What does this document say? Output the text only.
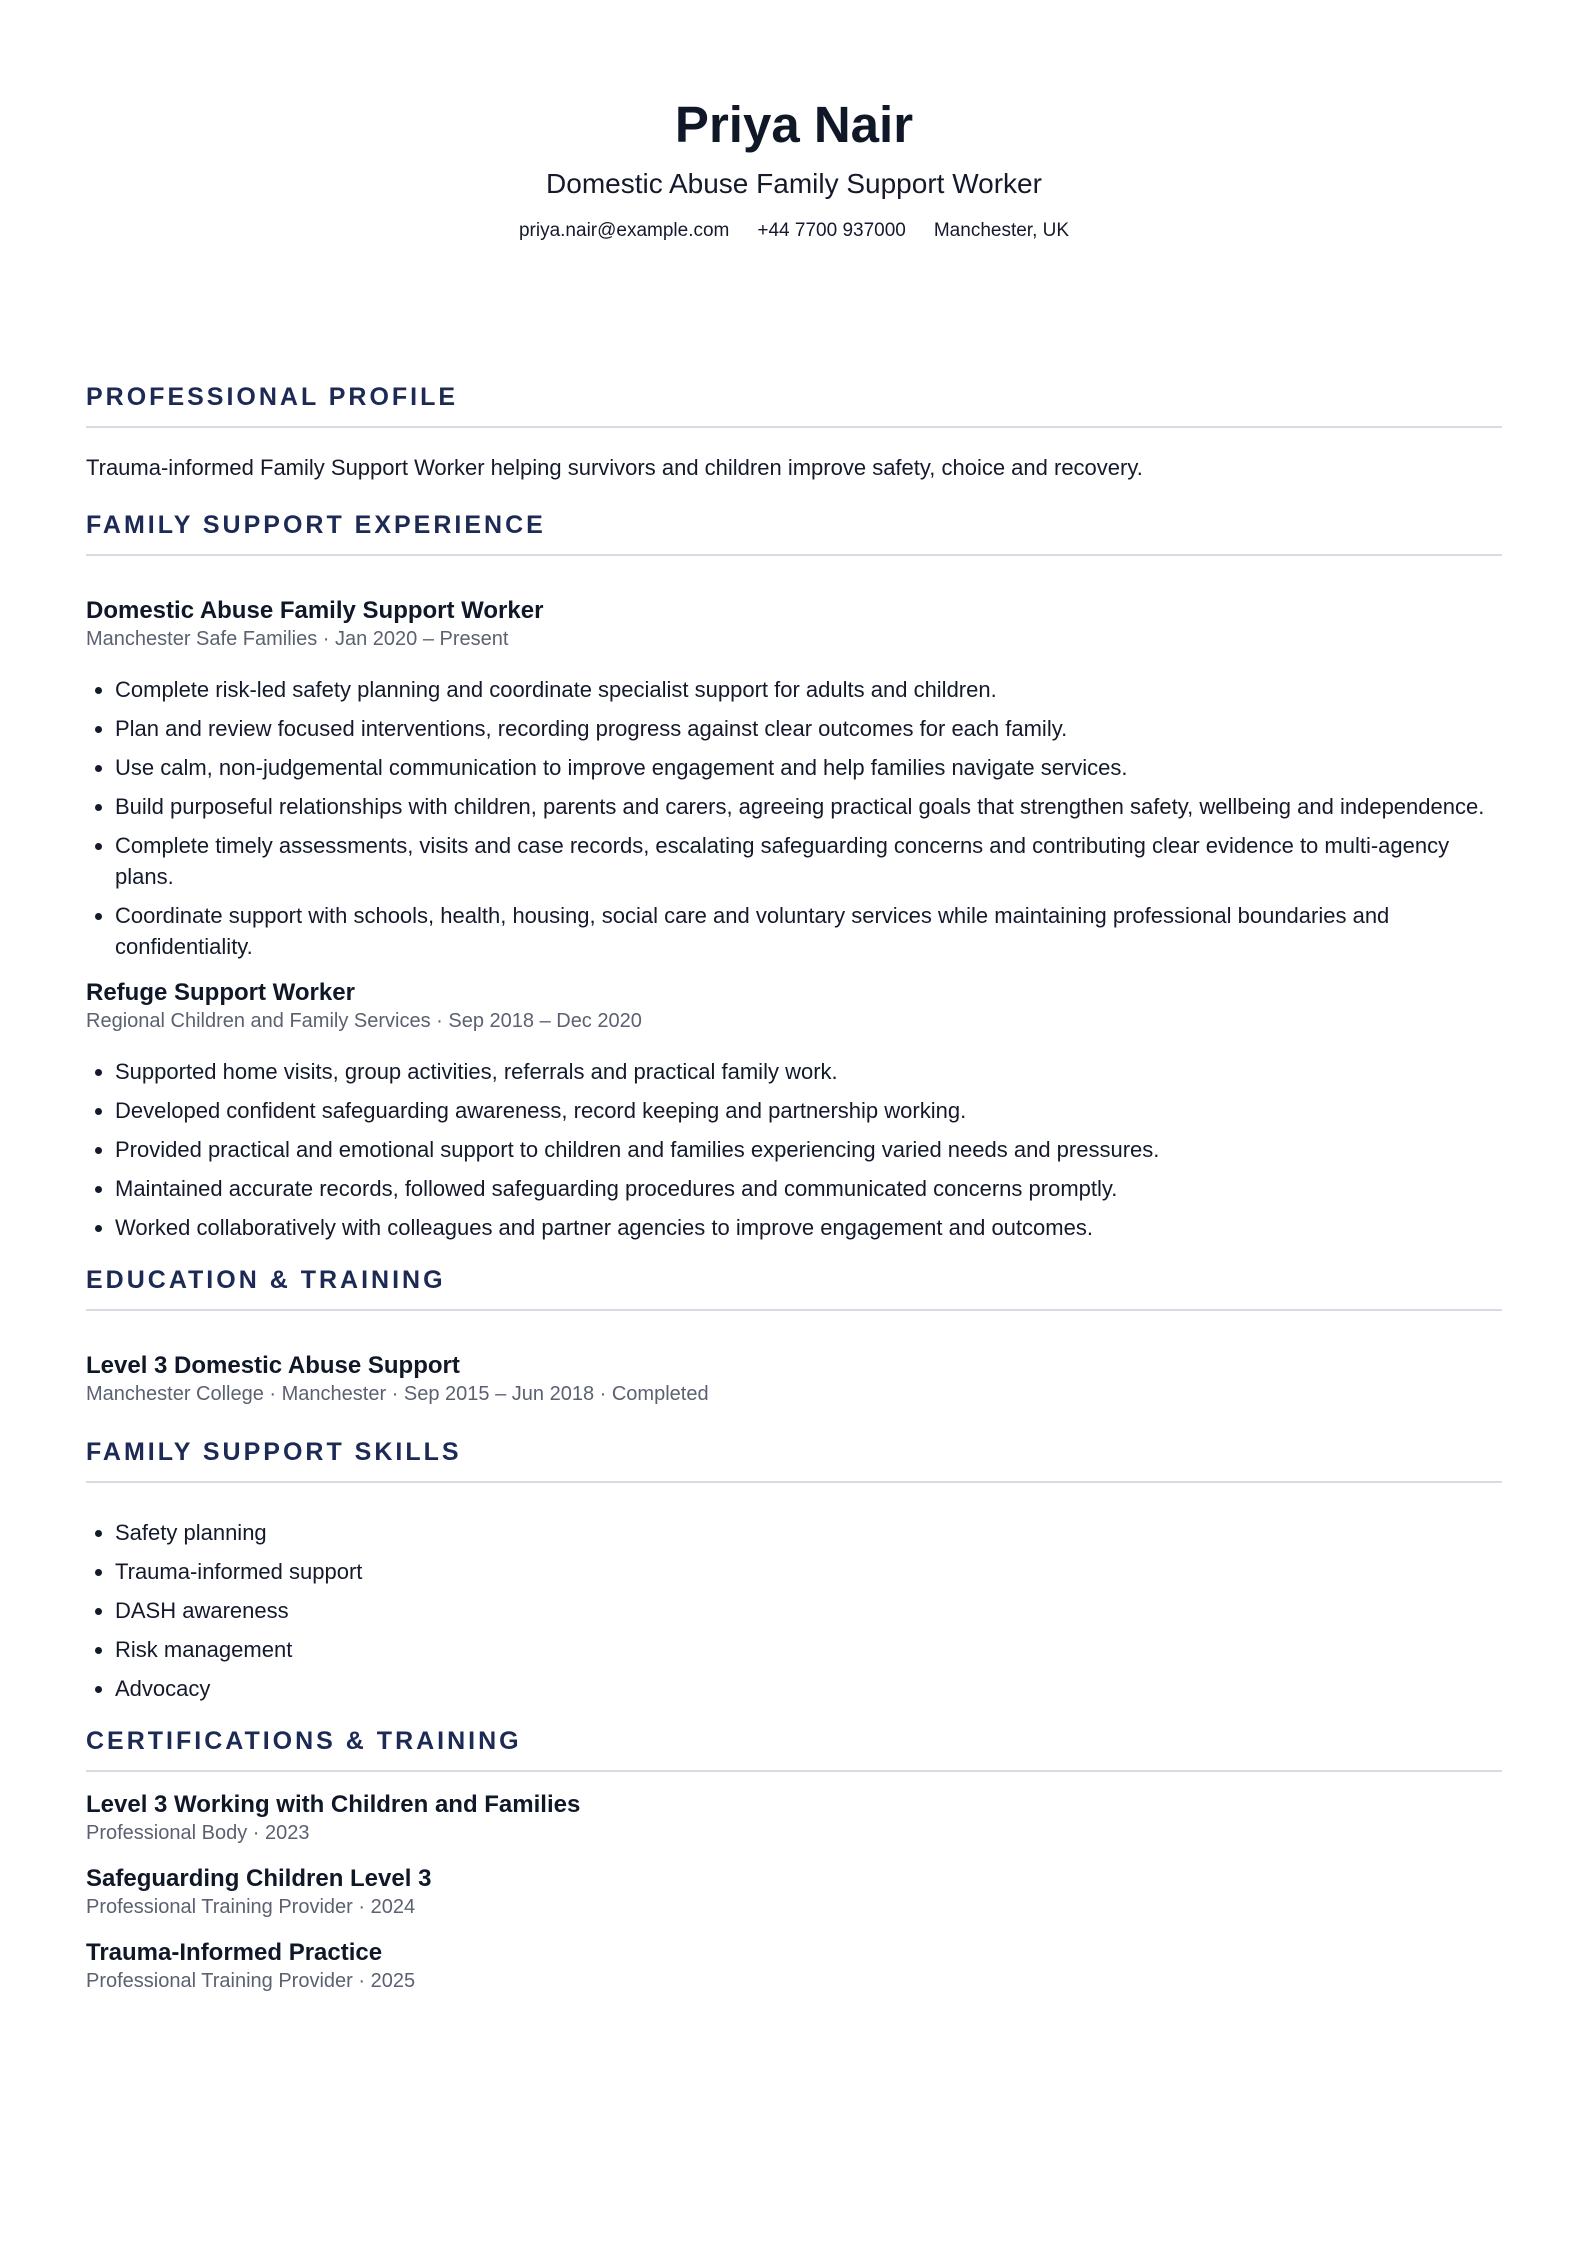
Priya Nair
Domestic Abuse Family Support Worker
priya.nair@example.com +44 7700 937000 Manchester, UK
PROFESSIONAL PROFILE
Trauma-informed Family Support Worker helping survivors and children improve safety, choice and recovery.
FAMILY SUPPORT EXPERIENCE
Domestic Abuse Family Support Worker
Manchester Safe Families · Jan 2020 – Present
• Complete risk-led safety planning and coordinate specialist support for adults and children.
• Plan and review focused interventions, recording progress against clear outcomes for each family.
• Use calm, non-judgemental communication to improve engagement and help families navigate services.
• Build purposeful relationships with children, parents and carers, agreeing practical goals that strengthen safety, wellbeing and independence.
• Complete timely assessments, visits and case records, escalating safeguarding concerns and contributing clear evidence to multi-agency plans.
• Coordinate support with schools, health, housing, social care and voluntary services while maintaining professional boundaries and confidentiality.
Refuge Support Worker
Regional Children and Family Services · Sep 2018 – Dec 2020
• Supported home visits, group activities, referrals and practical family work.
• Developed confident safeguarding awareness, record keeping and partnership working.
• Provided practical and emotional support to children and families experiencing varied needs and pressures.
• Maintained accurate records, followed safeguarding procedures and communicated concerns promptly.
• Worked collaboratively with colleagues and partner agencies to improve engagement and outcomes.
EDUCATION & TRAINING
Level 3 Domestic Abuse Support
Manchester College · Manchester · Sep 2015 – Jun 2018 · Completed
FAMILY SUPPORT SKILLS
• Safety planning
• Trauma-informed support
• DASH awareness
• Risk management
• Advocacy
CERTIFICATIONS & TRAINING
Level 3 Working with Children and Families
Professional Body · 2023
Safeguarding Children Level 3
Professional Training Provider · 2024
Trauma-Informed Practice
Professional Training Provider · 2025
